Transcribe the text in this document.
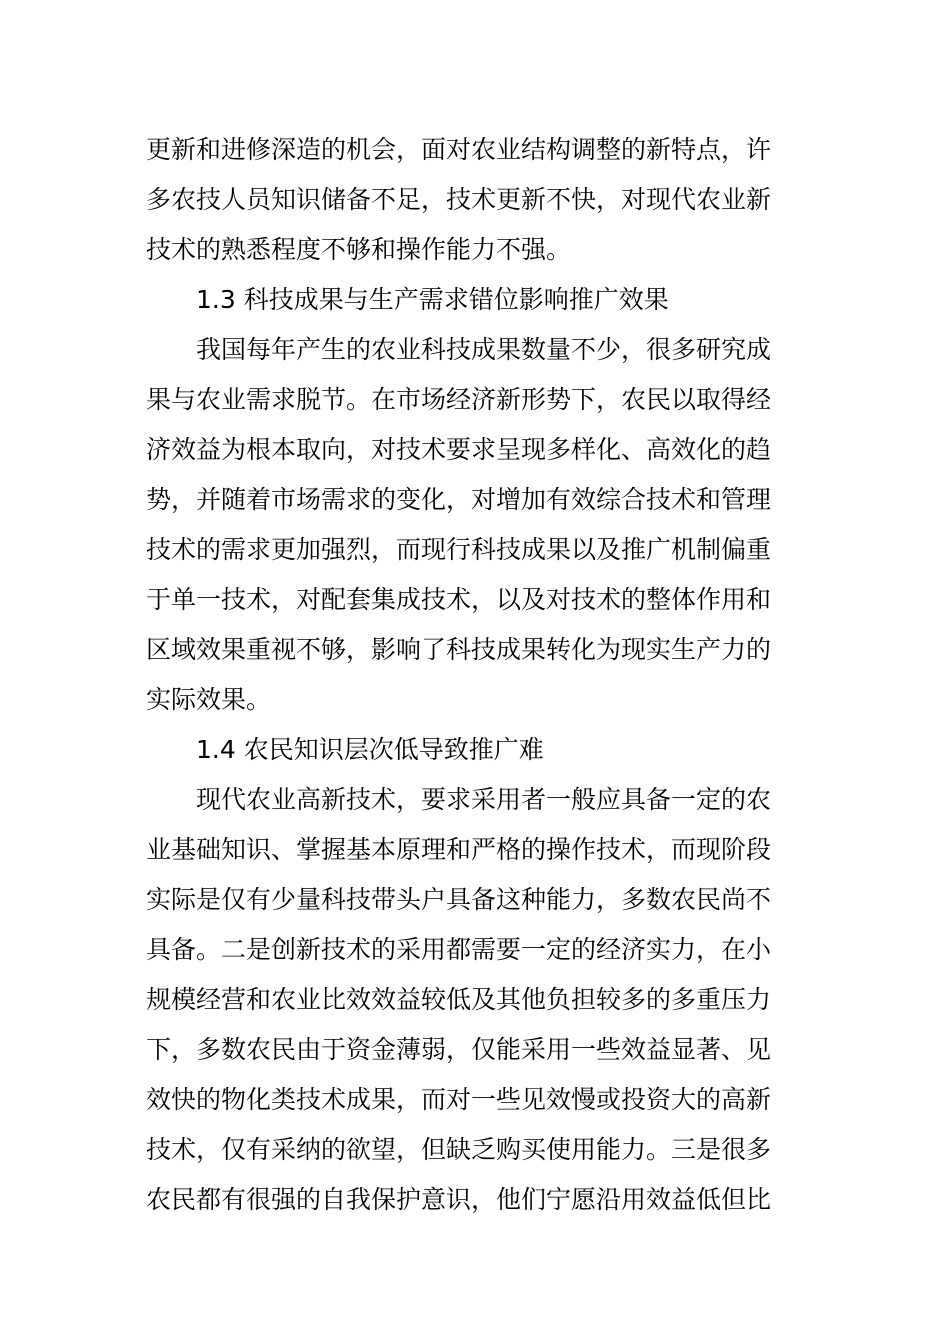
更新和进修深造的机会，面对农业结构调整的新特点，许
多农技人员知识储备不足，技术更新不快，对现代农业新
技术的熟悉程度不够和操作能力不强。
1.3 科技成果与生产需求错位影响推广效果
我国每年产生的农业科技成果数量不少，很多研究成
果与农业需求脱节。在市场经济新形势下，农民以取得经
济效益为根本取向，对技术要求呈现多样化、高效化的趋
势，并随着市场需求的变化，对增加有效综合技术和管理
技术的需求更加强烈，而现行科技成果以及推广机制偏重
于单一技术，对配套集成技术，以及对技术的整体作用和
区域效果重视不够，影响了科技成果转化为现实生产力的
实际效果。
1.4 农民知识层次低导致推广难
现代农业高新技术，要求采用者一般应具备一定的农
业基础知识、掌握基本原理和严格的操作技术，而现阶段
实际是仅有少量科技带头户具备这种能力，多数农民尚不
具备。二是创新技术的采用都需要一定的经济实力，在小
规模经营和农业比效效益较低及其他负担较多的多重压力
下，多数农民由于资金薄弱，仅能采用一些效益显著、见
效快的物化类技术成果，而对一些见效慢或投资大的高新
技术，仅有采纳的欲望，但缺乏购买使用能力。三是很多
农民都有很强的自我保护意识，他们宁愿沿用效益低但比
